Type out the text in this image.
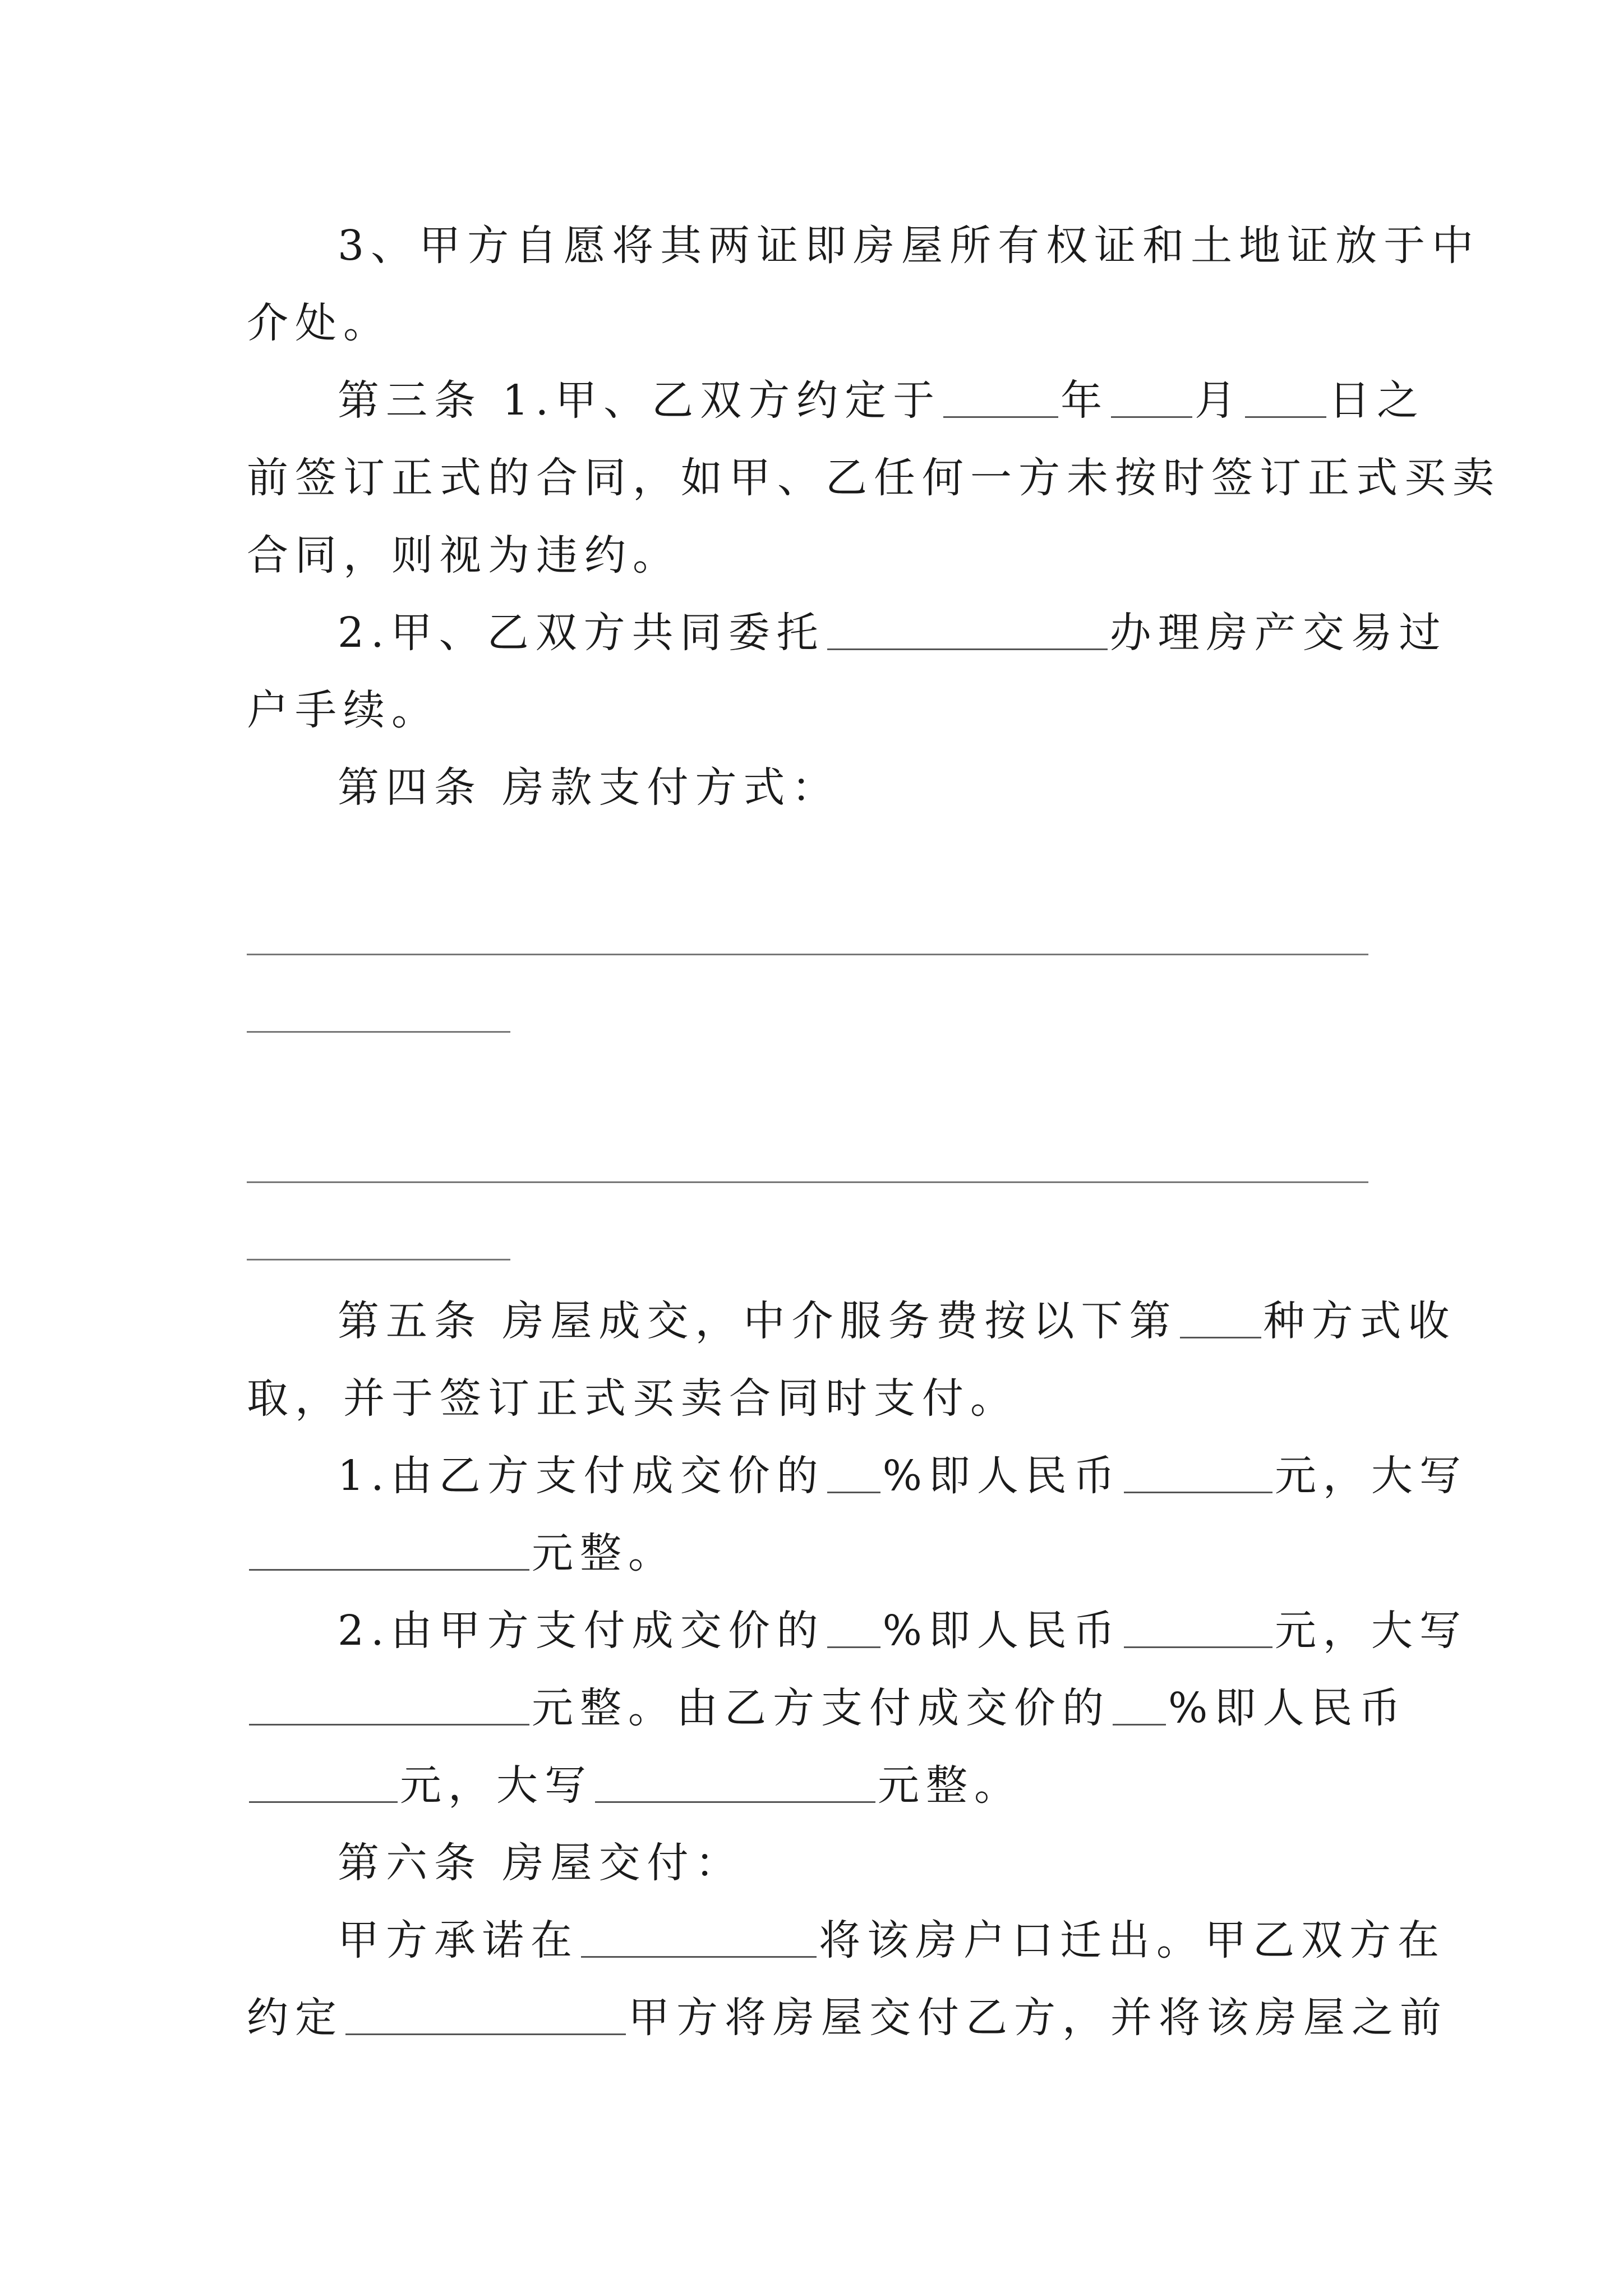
3、甲方自愿将其两证即房屋所有权证和土地证放于中
介处。
第三条 1.甲、乙双方约定于	年 月 日之
前签订正式的合同，如甲、乙任何一方未按时签订正式买卖
合同，则视为违约。
2.甲、乙双方共同委托	办理房产交易过
户手续。
第四条 房款支付方式：
第五条 房屋成交，中介服务费按以下第 种方式收
取，并于签订正式买卖合同时支付。
1.由乙方支付成交价的 %即人民币	元，大写
元整。
2.由甲方支付成交价的 %即人民币	元，大写
元整。由乙方支付成交价的 %即人民币
元，大写	元整。
第六条 房屋交付：
甲方承诺在	将该房户口迁出。甲乙双方在
约定	甲方将房屋交付乙方，并将该房屋之前
